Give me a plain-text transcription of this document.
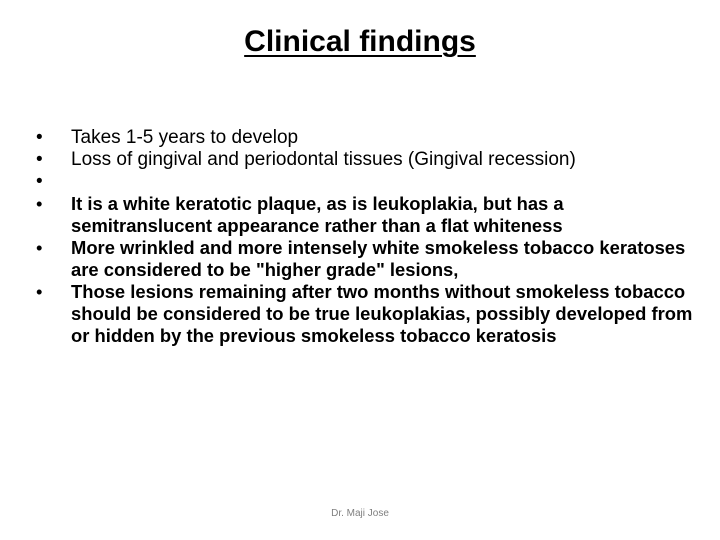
Clinical findings
•	Takes 1-5 years to develop
•	Loss of gingival and periodontal tissues (Gingival recession)
•
•	It is a white keratotic plaque, as is leukoplakia, but has a semitranslucent appearance rather than a flat whiteness
•	More wrinkled and more intensely white smokeless tobacco keratoses are considered to be "higher grade" lesions,
•	Those lesions remaining after two months without smokeless tobacco should be considered to be true leukoplakias, possibly developed from or hidden by the previous smokeless tobacco keratosis
Dr. Maji Jose
